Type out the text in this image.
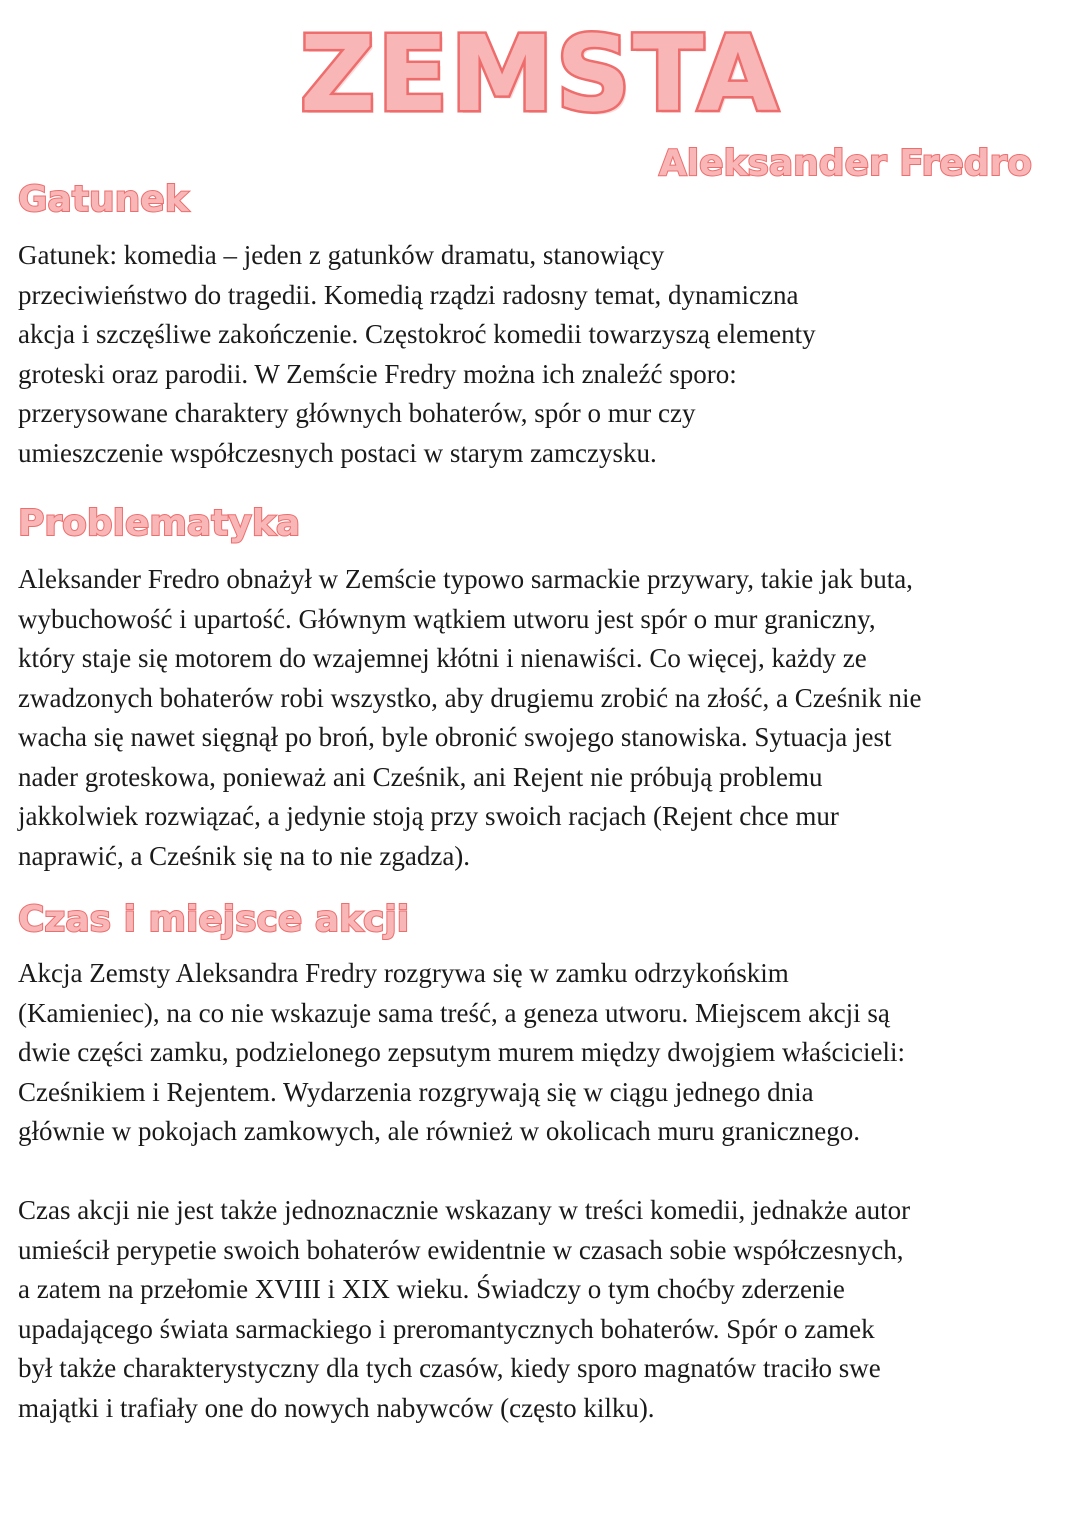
ZEMSTA
Aleksander Fredro
Gatunek
Gatunek: komedia – jeden z gatunków dramatu, stanowiący
przeciwieństwo do tragedii. Komedią rządzi radosny temat, dynamiczna
akcja i szczęśliwe zakończenie. Częstokroć komedii towarzyszą elementy
groteski oraz parodii. W Zemście Fredry można ich znaleźć sporo:
przerysowane charaktery głównych bohaterów, spór o mur czy
umieszczenie współczesnych postaci w starym zamczysku.
Problematyka
Aleksander Fredro obnażył w Zemście typowo sarmackie przywary, takie jak buta,
wybuchowość i upartość. Głównym wątkiem utworu jest spór o mur graniczny,
który staje się motorem do wzajemnej kłótni i nienawiści. Co więcej, każdy ze
zwadzonych bohaterów robi wszystko, aby drugiemu zrobić na złość, a Cześnik nie
wacha się nawet sięgnął po broń, byle obronić swojego stanowiska. Sytuacja jest
nader groteskowa, ponieważ ani Cześnik, ani Rejent nie próbują problemu
jakkolwiek rozwiązać, a jedynie stoją przy swoich racjach (Rejent chce mur
naprawić, a Cześnik się na to nie zgadza).
Czas i miejsce akcji
Akcja Zemsty Aleksandra Fredry rozgrywa się w zamku odrzykońskim
(Kamieniec), na co nie wskazuje sama treść, a geneza utworu. Miejscem akcji są
dwie części zamku, podzielonego zepsutym murem między dwojgiem właścicieli:
Cześnikiem i Rejentem. Wydarzenia rozgrywają się w ciągu jednego dnia
głównie w pokojach zamkowych, ale również w okolicach muru granicznego.
Czas akcji nie jest także jednoznacznie wskazany w treści komedii, jednakże autor
umieścił perypetie swoich bohaterów ewidentnie w czasach sobie współczesnych,
a zatem na przełomie XVIII i XIX wieku. Świadczy o tym choćby zderzenie
upadającego świata sarmackiego i preromantycznych bohaterów. Spór o zamek
był także charakterystyczny dla tych czasów, kiedy sporo magnatów traciło swe
majątki i trafiały one do nowych nabywców (często kilku).
